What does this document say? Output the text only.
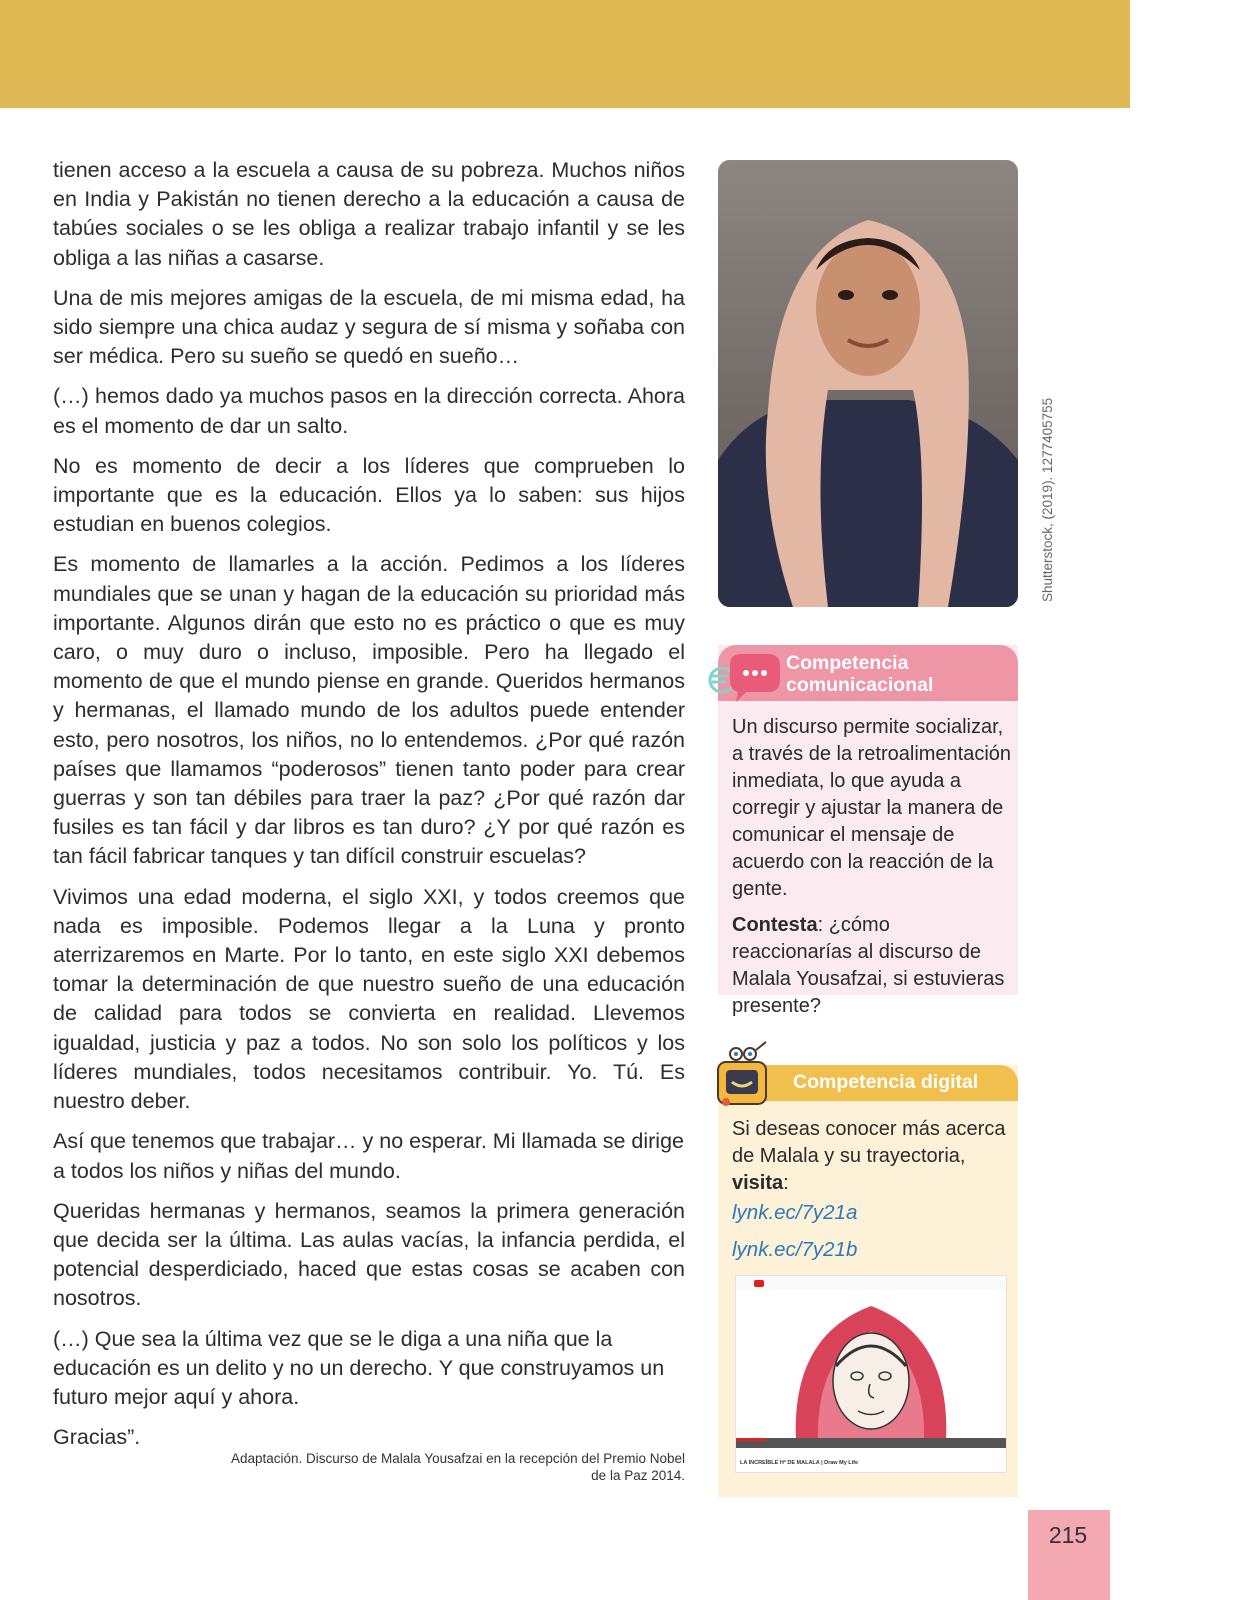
tienen acceso a la escuela a causa de su pobreza. Muchos niños en India y Pakistán no tienen derecho a la educación a causa de tabúes sociales o se les obliga a realizar trabajo infantil y se les obliga a las niñas a casarse.

Una de mis mejores amigas de la escuela, de mi misma edad, ha sido siempre una chica audaz y segura de sí misma y soñaba con ser médica. Pero su sueño se quedó en sueño…

(…) hemos dado ya muchos pasos en la dirección correcta. Ahora es el momento de dar un salto.

No es momento de decir a los líderes que comprueben lo importante que es la educación. Ellos ya lo saben: sus hijos estudian en buenos colegios.

Es momento de llamarles a la acción. Pedimos a los líderes mundiales que se unan y hagan de la educación su prioridad más importante. Algunos dirán que esto no es práctico o que es muy caro, o muy duro o incluso, imposible. Pero ha llegado el momento de que el mundo piense en grande. Queridos hermanos y hermanas, el llamado mundo de los adultos puede entender esto, pero nosotros, los niños, no lo entendemos. ¿Por qué razón países que llamamos “poderosos” tienen tanto poder para crear guerras y son tan débiles para traer la paz? ¿Por qué razón dar fusiles es tan fácil y dar libros es tan duro? ¿Y por qué razón es tan fácil fabricar tanques y tan difícil construir escuelas?

Vivimos una edad moderna, el siglo XXI, y todos creemos que nada es imposible. Podemos llegar a la Luna y pronto aterrizaremos en Marte. Por lo tanto, en este siglo XXI debemos tomar la determinación de que nuestro sueño de una educación de calidad para todos se convierta en realidad. Llevemos igualdad, justicia y paz a todos. No son solo los políticos y los líderes mundiales, todos necesitamos contribuir. Yo. Tú. Es nuestro deber.

Así que tenemos que trabajar… y no esperar. Mi llamada se dirige a todos los niños y niñas del mundo.

Queridas hermanas y hermanos, seamos la primera generación que decida ser la última. Las aulas vacías, la infancia perdida, el potencial desperdiciado, haced que estas cosas se acaben con nosotros.

(…) Que sea la última vez que se le diga a una niña que la educación es un delito y no un derecho. Y que construyamos un futuro mejor aquí y ahora.

Gracias”.

Adaptación. Discurso de Malala Yousafzai en la recepción del Premio Nobel
de la Paz 2014.
Shutterstock, (2019). 1277405755
Competencia
comunicacional

Un discurso permite socializar, a través de la retroalimentación inmediata, lo que ayuda a corregir y ajustar la manera de comunicar el mensaje de acuerdo con la reacción de la gente.

Contesta: ¿cómo reaccionarías al discurso de Malala Yousafzai, si estuvieras presente?

Competencia digital
Si deseas conocer más acerca de Malala y su trayectoria,
visita:
lynk.ec/7y21a
lynk.ec/7y21b
LA INCREÍBLE Hª DE MALALA | Draw My Life
215
